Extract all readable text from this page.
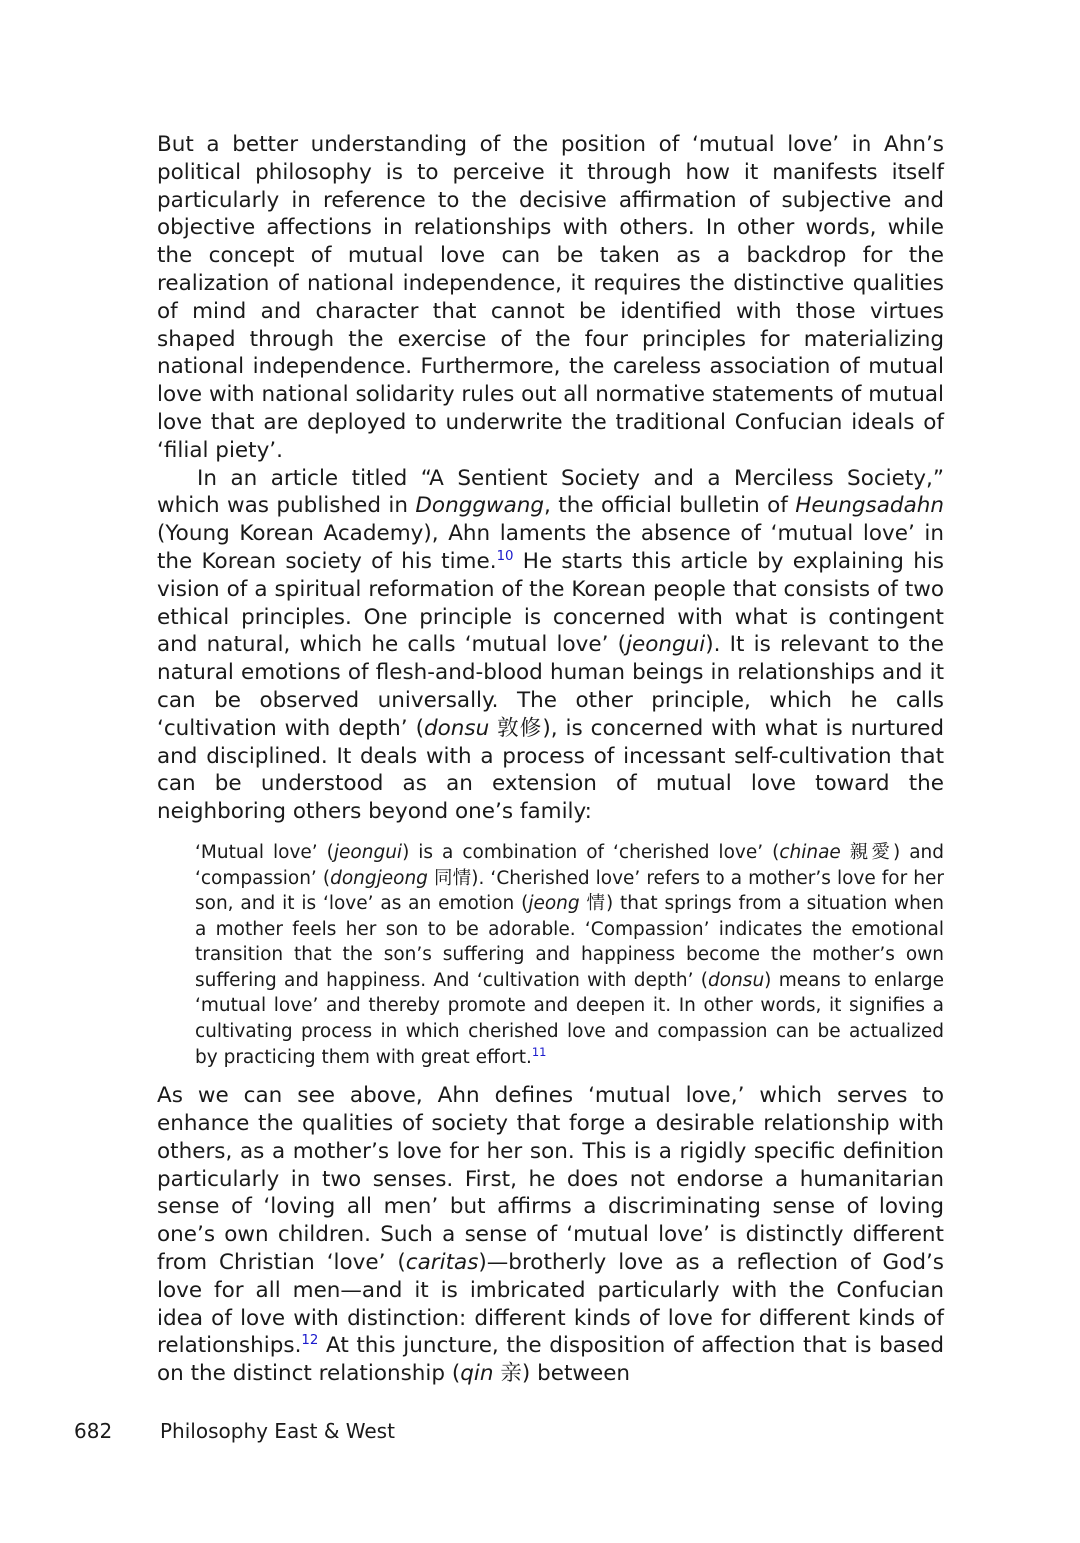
But a better understanding of the position of ‘mutual love’ in Ahn’s political philosophy is to perceive it through how it manifests itself particularly in reference to the decisive affirmation of subjective and objective affections in relationships with others. In other words, while the concept of mutual love can be taken as a backdrop for the realization of national independence, it requires the distinctive qualities of mind and character that cannot be identified with those virtues shaped through the exercise of the four principles for materializing national independence. Furthermore, the careless association of mutual love with national solidarity rules out all normative statements of mutual love that are deployed to underwrite the traditional Confucian ideals of ‘filial piety’.

In an article titled “A Sentient Society and a Merciless Society,” which was published in Donggwang, the official bulletin of Heungsadahn (Young Korean Academy), Ahn laments the absence of ‘mutual love’ in the Korean society of his time.$^{10}$ He starts this article by explaining his vision of a spiritual reformation of the Korean people that consists of two ethical principles. One principle is concerned with what is contingent and natural, which he calls ‘mutual love’ (jeongui). It is relevant to the natural emotions of flesh-and-blood human beings in relationships and it can be observed universally. The other principle, which he calls ‘cultivation with depth’ (donsu 敦修), is concerned with what is nurtured and disciplined. It deals with a process of incessant self-cultivation that can be understood as an extension of mutual love toward the neighboring others beyond one’s family:

‘Mutual love’ (jeongui) is a combination of ‘cherished love’ (chinae 親愛) and ‘compassion’ (dongjeong 同情). ‘Cherished love’ refers to a mother’s love for her son, and it is ‘love’ as an emotion (jeong 情) that springs from a situation when a mother feels her son to be adorable. ‘Compassion’ indicates the emotional transition that the son’s suffering and happiness become the mother’s own suffering and happiness. And ‘cultivation with depth’ (donsu) means to enlarge ‘mutual love’ and thereby promote and deepen it. In other words, it signifies a cultivating process in which cherished love and compassion can be actualized by practicing them with great effort.$^{11}$

As we can see above, Ahn defines ‘mutual love,’ which serves to enhance the qualities of society that forge a desirable relationship with others, as a mother’s love for her son. This is a rigidly specific definition particularly in two senses. First, he does not endorse a humanitarian sense of ‘loving all men’ but affirms a discriminating sense of loving one’s own children. Such a sense of ‘mutual love’ is distinctly different from Christian ‘love’ (caritas)—brotherly love as a reflection of God’s love for all men—and it is imbricated particularly with the Confucian idea of love with distinction: different kinds of love for different kinds of relationships.$^{12}$ At this juncture, the disposition of affection that is based on the distinct relationship (qin 亲) between

682 Philosophy East & West
